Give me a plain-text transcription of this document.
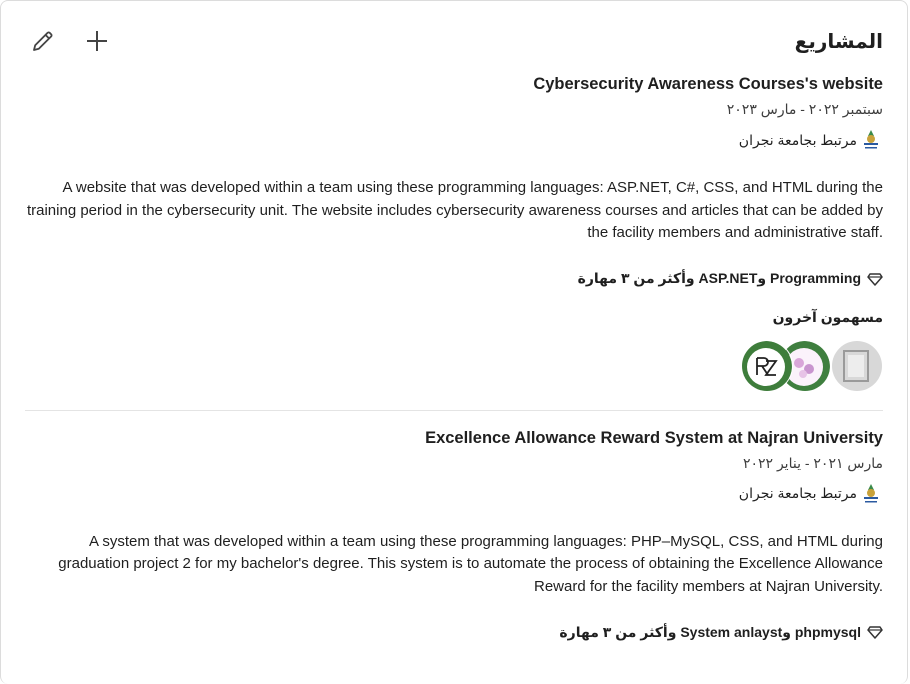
المشاريع
Cybersecurity Awareness Courses's website
سبتمبر ٢٠٢٢ - مارس ٢٠٢٣
مرتبط بجامعة نجران
A website that was developed within a team using these programming languages: ASP.NET, C#, CSS, and HTML during the training period in the cybersecurity unit. The website includes cybersecurity awareness courses and articles that can be added by the facility members and administrative staff.
Programming وASP.NET وأكثر من ٣ مهارة
مسهمون آخرون
Excellence Allowance Reward System at Najran University
مارس ٢٠٢١ - يناير ٢٠٢٢
مرتبط بجامعة نجران
A system that was developed within a team using these programming languages: PHP–MySQL, CSS, and HTML during graduation project 2 for my bachelor's degree. This system is to automate the process of obtaining the Excellence Allowance Reward for the facility members at Najran University.
phpmysql وSystem anlayst وأكثر من ٣ مهارة
